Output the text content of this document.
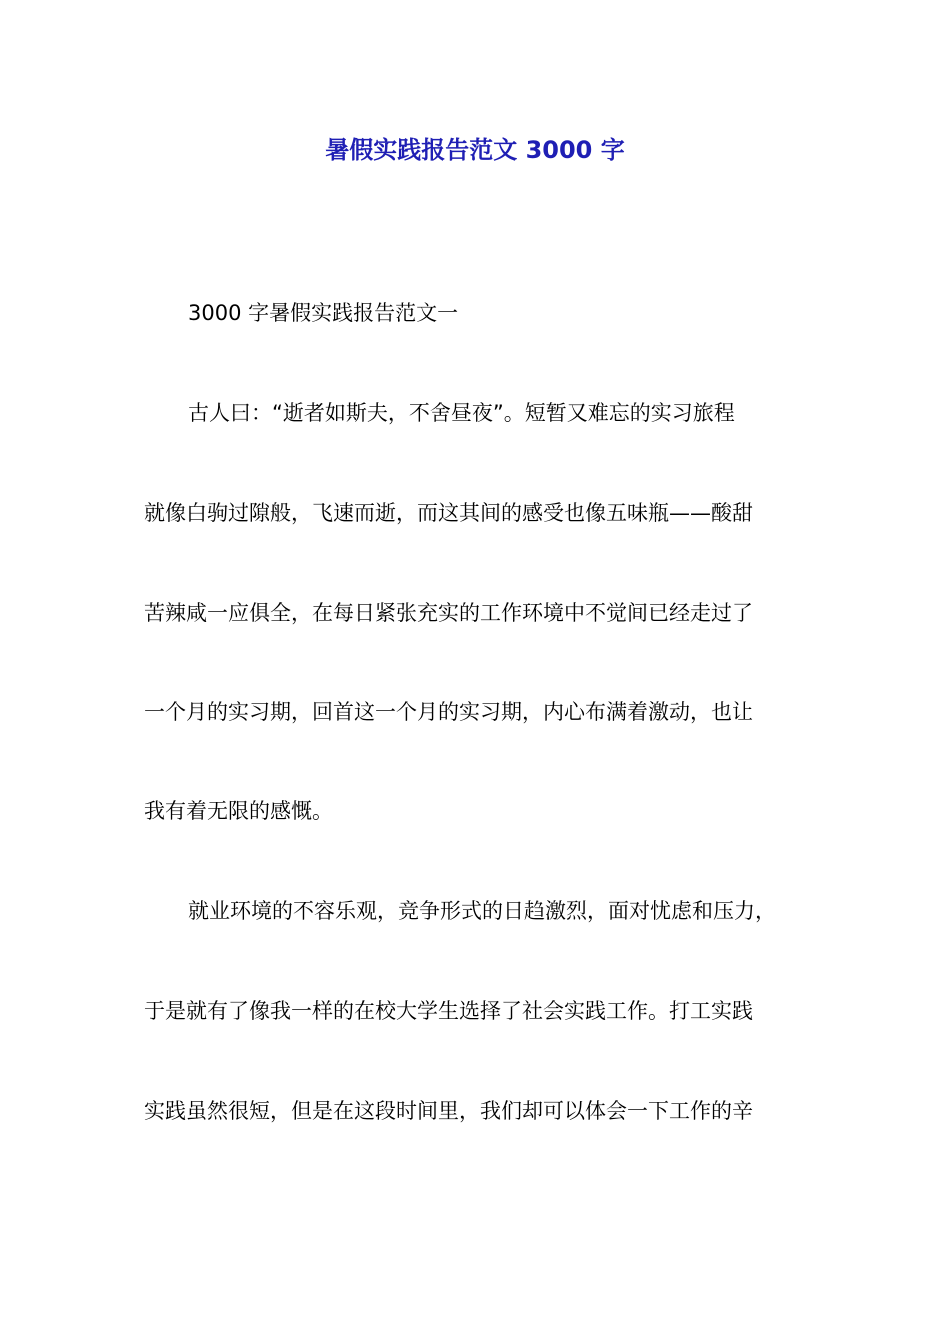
暑假实践报告范文 3000 字

3000 字暑假实践报告范文一

古人曰：“逝者如斯夫，不舍昼夜”。短暂又难忘的实习旅程

就像白驹过隙般，飞速而逝，而这其间的感受也像五味瓶——酸甜

苦辣咸一应俱全，在每日紧张充实的工作环境中不觉间已经走过了

一个月的实习期，回首这一个月的实习期，内心布满着激动，也让

我有着无限的感慨。

就业环境的不容乐观，竞争形式的日趋激烈，面对忧虑和压力，

于是就有了像我一样的在校大学生选择了社会实践工作。打工实践

实践虽然很短，但是在这段时间里，我们却可以体会一下工作的辛
